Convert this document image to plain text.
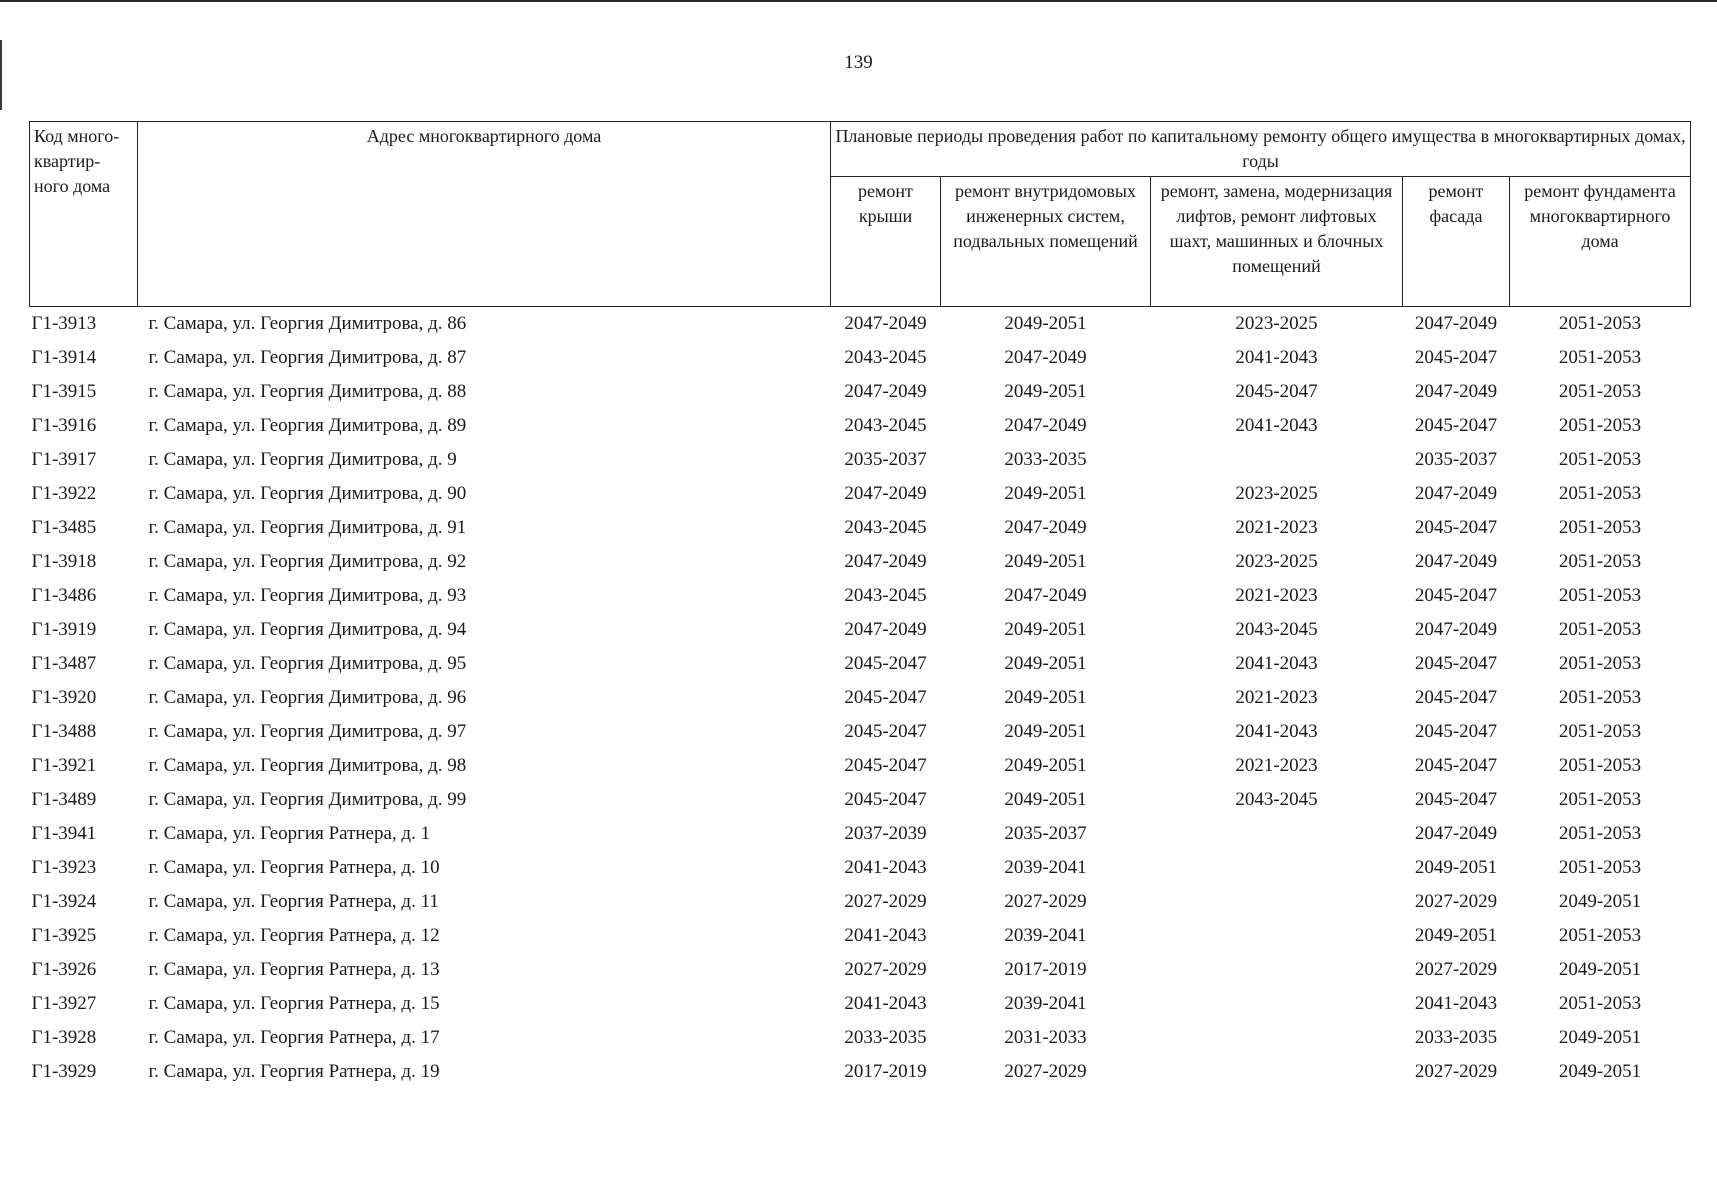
139
Код много-квартир-ного дома	Адрес многоквартирного дома	Плановые периоды проведения работ по капитальному ремонту общего имущества в многоквартирных домах, годы				
		ремонт крыши	ремонт внутридомовых инженерных систем, подвальных помещений	ремонт, замена, модернизация лифтов, ремонт лифтовых шахт, машинных и блочных помещений	ремонт фасада	ремонт фундамента многоквартирного дома
Г1-3913	г. Самара, ул. Георгия Димитрова, д. 86	2047-2049	2049-2051	2023-2025	2047-2049	2051-2053
Г1-3914	г. Самара, ул. Георгия Димитрова, д. 87	2043-2045	2047-2049	2041-2043	2045-2047	2051-2053
Г1-3915	г. Самара, ул. Георгия Димитрова, д. 88	2047-2049	2049-2051	2045-2047	2047-2049	2051-2053
Г1-3916	г. Самара, ул. Георгия Димитрова, д. 89	2043-2045	2047-2049	2041-2043	2045-2047	2051-2053
Г1-3917	г. Самара, ул. Георгия Димитрова, д. 9	2035-2037	2033-2035		2035-2037	2051-2053
Г1-3922	г. Самара, ул. Георгия Димитрова, д. 90	2047-2049	2049-2051	2023-2025	2047-2049	2051-2053
Г1-3485	г. Самара, ул. Георгия Димитрова, д. 91	2043-2045	2047-2049	2021-2023	2045-2047	2051-2053
Г1-3918	г. Самара, ул. Георгия Димитрова, д. 92	2047-2049	2049-2051	2023-2025	2047-2049	2051-2053
Г1-3486	г. Самара, ул. Георгия Димитрова, д. 93	2043-2045	2047-2049	2021-2023	2045-2047	2051-2053
Г1-3919	г. Самара, ул. Георгия Димитрова, д. 94	2047-2049	2049-2051	2043-2045	2047-2049	2051-2053
Г1-3487	г. Самара, ул. Георгия Димитрова, д. 95	2045-2047	2049-2051	2041-2043	2045-2047	2051-2053
Г1-3920	г. Самара, ул. Георгия Димитрова, д. 96	2045-2047	2049-2051	2021-2023	2045-2047	2051-2053
Г1-3488	г. Самара, ул. Георгия Димитрова, д. 97	2045-2047	2049-2051	2041-2043	2045-2047	2051-2053
Г1-3921	г. Самара, ул. Георгия Димитрова, д. 98	2045-2047	2049-2051	2021-2023	2045-2047	2051-2053
Г1-3489	г. Самара, ул. Георгия Димитрова, д. 99	2045-2047	2049-2051	2043-2045	2045-2047	2051-2053
Г1-3941	г. Самара, ул. Георгия Ратнера, д. 1	2037-2039	2035-2037		2047-2049	2051-2053
Г1-3923	г. Самара, ул. Георгия Ратнера, д. 10	2041-2043	2039-2041		2049-2051	2051-2053
Г1-3924	г. Самара, ул. Георгия Ратнера, д. 11	2027-2029	2027-2029		2027-2029	2049-2051
Г1-3925	г. Самара, ул. Георгия Ратнера, д. 12	2041-2043	2039-2041		2049-2051	2051-2053
Г1-3926	г. Самара, ул. Георгия Ратнера, д. 13	2027-2029	2017-2019		2027-2029	2049-2051
Г1-3927	г. Самара, ул. Георгия Ратнера, д. 15	2041-2043	2039-2041		2041-2043	2051-2053
Г1-3928	г. Самара, ул. Георгия Ратнера, д. 17	2033-2035	2031-2033		2033-2035	2049-2051
Г1-3929	г. Самара, ул. Георгия Ратнера, д. 19	2017-2019	2027-2029		2027-2029	2049-2051
